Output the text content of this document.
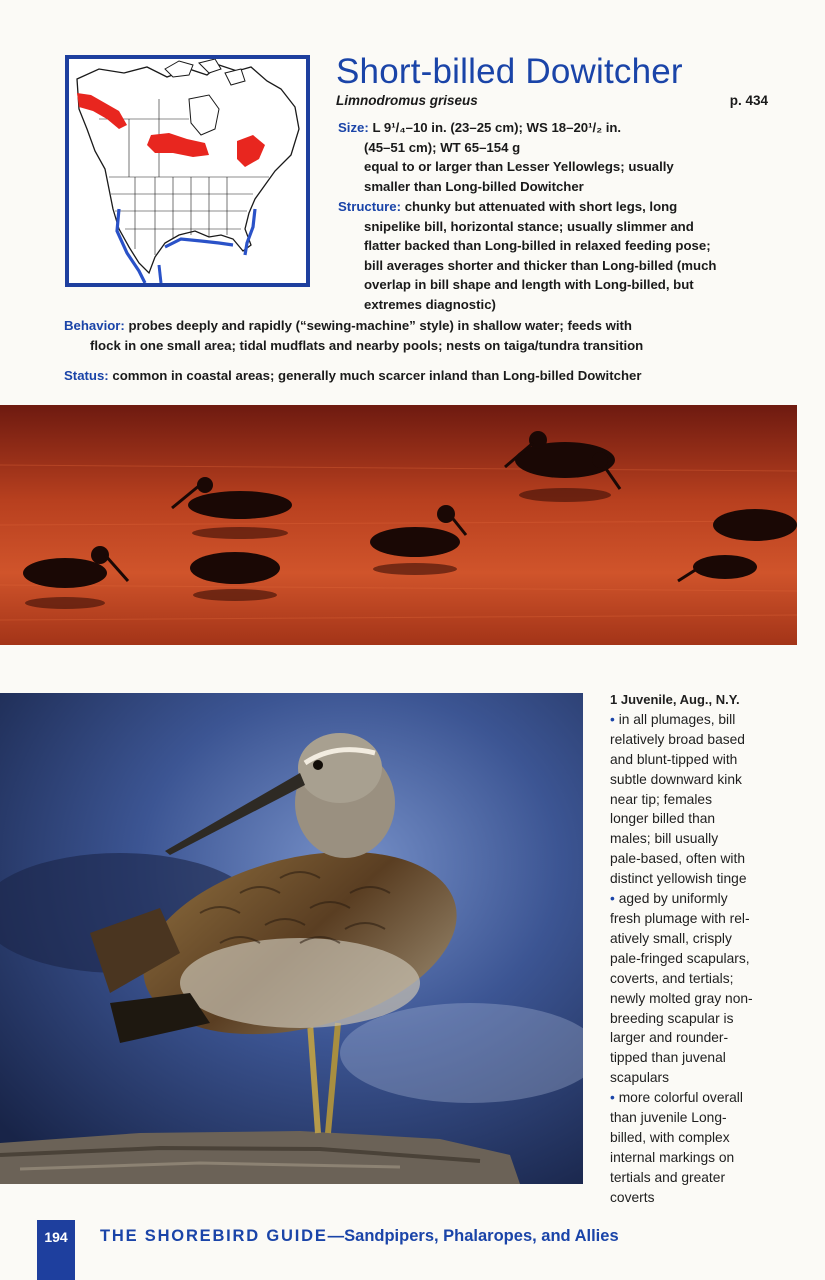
Short-billed Dowitcher
Limnodromus griseus	p. 434
Size: L 9¹/₄–10 in. (23–25 cm); WS 18–20¹/₂ in.
(45–51 cm); WT 65–154 g
equal to or larger than Lesser Yellowlegs; usually
smaller than Long-billed Dowitcher
Structure: chunky but attenuated with short legs, long
snipelike bill, horizontal stance; usually slimmer and
flatter backed than Long-billed in relaxed feeding pose;
bill averages shorter and thicker than Long-billed (much
overlap in bill shape and length with Long-billed, but
extremes diagnostic)
Behavior: probes deeply and rapidly (“sewing-machine” style) in shallow water; feeds with
flock in one small area; tidal mudflats and nearby pools; nests on taiga/tundra transition
Status: common in coastal areas; generally much scarcer inland than Long-billed Dowitcher
1 Juvenile, Aug., N.Y.
• in all plumages, bill
relatively broad based
and blunt-tipped with
subtle downward kink
near tip; females
longer billed than
males; bill usually
pale-based, often with
distinct yellowish tinge
• aged by uniformly
fresh plumage with rel-
atively small, crisply
pale-fringed scapulars,
coverts, and tertials;
newly molted gray non-
breeding scapular is
larger and rounder-
tipped than juvenal
scapulars
• more colorful overall
than juvenile Long-
billed, with complex
internal markings on
tertials and greater
coverts
194	THE SHOREBIRD GUIDE—Sandpipers, Phalaropes, and Allies
